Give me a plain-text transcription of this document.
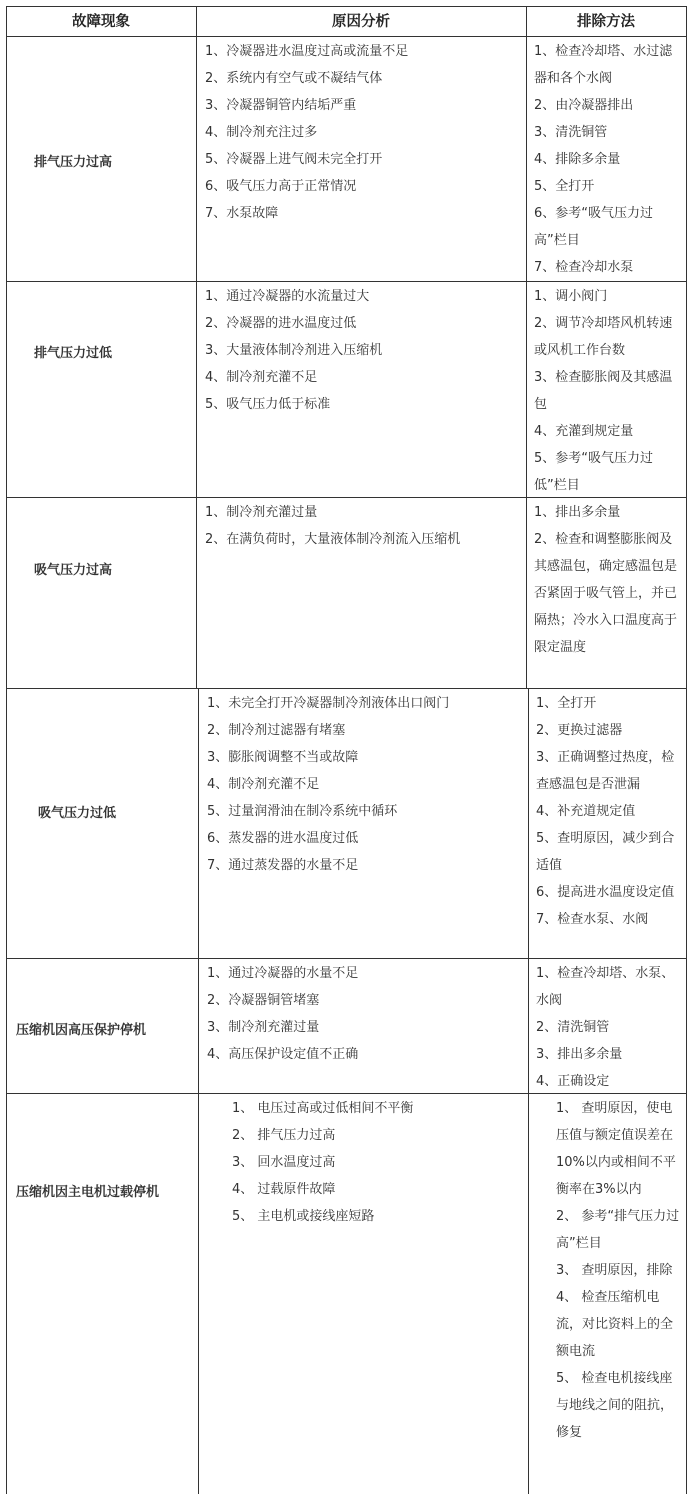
故障现象	原因分析	排除方法
排气压力过高
1、冷凝器进水温度过高或流量不足
2、系统内有空气或不凝结气体
3、冷凝器铜管内结垢严重
4、制冷剂充注过多
5、冷凝器上进气阀未完全打开
6、吸气压力高于正常情况
7、水泵故障
1、检查冷却塔、水过滤器和各个水阀
2、由冷凝器排出
3、清洗铜管
4、排除多余量
5、全打开
6、参考“吸气压力过高”栏目
7、检查冷却水泵
排气压力过低
1、通过冷凝器的水流量过大
2、冷凝器的进水温度过低
3、大量液体制冷剂进入压缩机
4、制冷剂充灌不足
5、吸气压力低于标准
1、调小阀门
2、调节冷却塔风机转速或风机工作台数
3、检查膨胀阀及其感温包
4、充灌到规定量
5、参考“吸气压力过低”栏目
吸气压力过高
1、制冷剂充灌过量
2、在满负荷时，大量液体制冷剂流入压缩机
1、排出多余量
2、检查和调整膨胀阀及其感温包，确定感温包是否紧固于吸气管上，并已隔热；冷水入口温度高于限定温度
吸气压力过低
1、未完全打开冷凝器制冷剂液体出口阀门
2、制冷剂过滤器有堵塞
3、膨胀阀调整不当或故障
4、制冷剂充灌不足
5、过量润滑油在制冷系统中循环
6、蒸发器的进水温度过低
7、通过蒸发器的水量不足
1、全打开
2、更换过滤器
3、正确调整过热度，检查感温包是否泄漏
4、补充道规定值
5、查明原因，减少到合适值
6、提高进水温度设定值
7、检查水泵、水阀
压缩机因高压保护停机
1、通过冷凝器的水量不足
2、冷凝器铜管堵塞
3、制冷剂充灌过量
4、高压保护设定值不正确
1、检查冷却塔、水泵、水阀
2、清洗铜管
3、排出多余量
4、正确设定
压缩机因主电机过载停机
1、 电压过高或过低相间不平衡
2、 排气压力过高
3、 回水温度过高
4、 过载原件故障
5、 主电机或接线座短路
1、 查明原因，使电压值与额定值误差在10%以内或相间不平衡率在3%以内
2、 参考“排气压力过高”栏目
3、 查明原因，排除
4、 检查压缩机电流，对比资料上的全额电流
5、 检查电机接线座与地线之间的阻抗，修复
